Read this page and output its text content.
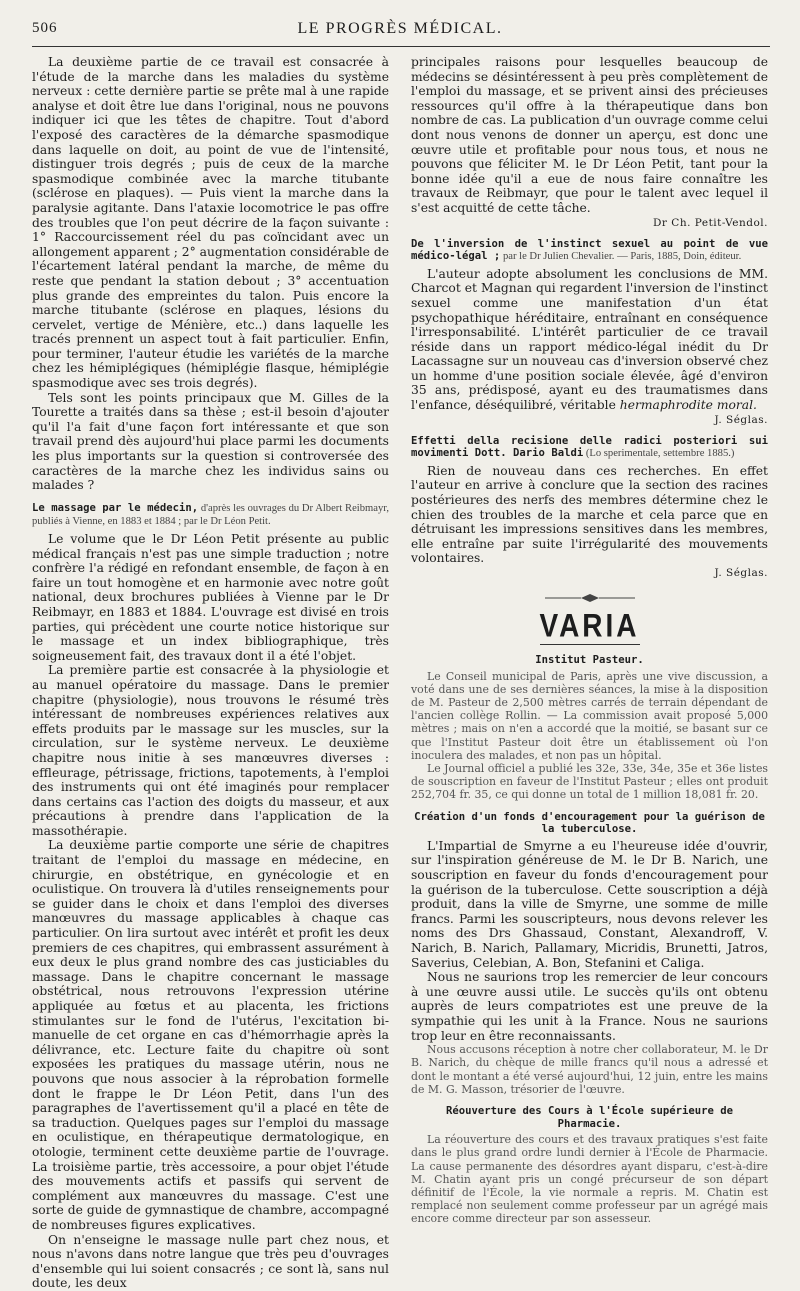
506	LE PROGRÈS MÉDICAL.

La deuxième partie de ce travail est consacrée à l'étude de la marche dans les maladies du système nerveux : cette dernière partie se prête mal à une rapide analyse et doit être lue dans l'original, nous ne pouvons indiquer ici que les têtes de chapitre. Tout d'abord l'exposé des caractères de la démarche spasmodique dans laquelle on doit, au point de vue de l'intensité, distinguer trois degrés ; puis de ceux de la marche spasmodique combinée avec la marche titubante (sclérose en plaques). — Puis vient la marche dans la paralysie agitante. Dans l'ataxie locomotrice le pas offre des troubles que l'on peut décrire de la façon suivante : 1° Raccourcissement réel du pas coïncidant avec un allongement apparent ; 2° augmentation considérable de l'écartement latéral pendant la marche, de même du reste que pendant la station debout ; 3° accentuation plus grande des empreintes du talon. Puis encore la marche titubante (sclérose en plaques, lésions du cervelet, vertige de Ménière, etc..) dans laquelle les tracés prennent un aspect tout à fait particulier. Enfin, pour terminer, l'auteur étudie les variétés de la marche chez les hémiplégiques (hémiplégie flasque, hémiplégie spasmodique avec ses trois degrés).

Tels sont les points principaux que M. Gilles de la Tourette a traités dans sa thèse ; est-il besoin d'ajouter qu'il l'a fait d'une façon fort intéressante et que son travail prend dès aujourd'hui place parmi les documents les plus importants sur la question si controversée des caractères de la marche chez les individus sains ou malades ?

Le massage par le médecin, d'après les ouvrages du Dr Albert Reibmayr, publiés à Vienne, en 1883 et 1884 ; par le Dr Léon Petit.

Le volume que le Dr Léon Petit présente au public médical français n'est pas une simple traduction ; notre confrère l'a rédigé en refondant ensemble, de façon à en faire un tout homogène et en harmonie avec notre goût national, deux brochures publiées à Vienne par le Dr Reibmayr, en 1883 et 1884. L'ouvrage est divisé en trois parties, qui précèdent une courte notice historique sur le massage et un index bibliographique, très soigneusement fait, des travaux dont il a été l'objet.

La première partie est consacrée à la physiologie et au manuel opératoire du massage. Dans le premier chapitre (physiologie), nous trouvons le résumé très intéressant de nombreuses expériences relatives aux effets produits par le massage sur les muscles, sur la circulation, sur le système nerveux. Le deuxième chapitre nous initie à ses manœuvres diverses : effleurage, pétrissage, frictions, tapotements, à l'emploi des instruments qui ont été imaginés pour remplacer dans certains cas l'action des doigts du masseur, et aux précautions à prendre dans l'application de la massothérapie.

La deuxième partie comporte une série de chapitres traitant de l'emploi du massage en médecine, en chirurgie, en obstétrique, en gynécologie et en oculistique. On trouvera là d'utiles renseignements pour se guider dans le choix et dans l'emploi des diverses manœuvres du massage applicables à chaque cas particulier. On lira surtout avec intérêt et profit les deux premiers de ces chapitres, qui embrassent assurément à eux deux le plus grand nombre des cas justiciables du massage. Dans le chapitre concernant le massage obstétrical, nous retrouvons l'expression utérine appliquée au fœtus et au placenta, les frictions stimulantes sur le fond de l'utérus, l'excitation bi-manuelle de cet organe en cas d'hémorrhagie après la délivrance, etc. Lecture faite du chapitre où sont exposées les pratiques du massage utérin, nous ne pouvons que nous associer à la réprobation formelle dont le frappe le Dr Léon Petit, dans l'un des paragraphes de l'avertissement qu'il a placé en tête de sa traduction. Quelques pages sur l'emploi du massage en oculistique, en thérapeutique dermatologique, en otologie, terminent cette deuxième partie de l'ouvrage. La troisième partie, très accessoire, a pour objet l'étude des mouvements actifs et passifs qui servent de complément aux manœuvres du massage. C'est une sorte de guide de gymnastique de chambre, accompagné de nombreuses figures explicatives.

On n'enseigne le massage nulle part chez nous, et nous n'avons dans notre langue que très peu d'ouvrages d'ensemble qui lui soient consacrés ; ce sont là, sans nul doute, les deux

principales raisons pour lesquelles beaucoup de médecins se désintéressent à peu près complètement de l'emploi du massage, et se privent ainsi des précieuses ressources qu'il offre à la thérapeutique dans bon nombre de cas. La publication d'un ouvrage comme celui dont nous venons de donner un aperçu, est donc une œuvre utile et profitable pour nous tous, et nous ne pouvons que féliciter M. le Dr Léon Petit, tant pour la bonne idée qu'il a eue de nous faire connaître les travaux de Reibmayr, que pour le talent avec lequel il s'est acquitté de cette tâche.

Dr Ch. Petit-Vendol.
De l'inversion de l'instinct sexuel au point de vue médico-légal ; par le Dr Julien Chevalier. — Paris, 1885, Doin, éditeur.

L'auteur adopte absolument les conclusions de MM. Charcot et Magnan qui regardent l'inversion de l'instinct sexuel comme une manifestation d'un état psychopathique héréditaire, entraînant en conséquence l'irresponsabilité. L'intérêt particulier de ce travail réside dans un rapport médico-légal inédit du Dr Lacassagne sur un nouveau cas d'inversion observé chez un homme d'une position sociale élevée, âgé d'environ 35 ans, prédisposé, ayant eu des traumatismes dans l'enfance, déséquilibré, véritable hermaphrodite moral.

J. Séglas.
Effetti della recisione delle radici posteriori sui movimenti Dott. Dario Baldi (Lo sperimentale, settembre 1885.)

Rien de nouveau dans ces recherches. En effet l'auteur en arrive à conclure que la section des racines postérieures des nerfs des membres détermine chez le chien des troubles de la marche et cela parce que en détruisant les impressions sensitives dans les membres, elle entraîne par suite l'irrégularité des mouvements volontaires.

J. Séglas.
VARIA
Institut Pasteur.

Le Conseil municipal de Paris, après une vive discussion, a voté dans une de ses dernières séances, la mise à la disposition de M. Pasteur de 2,500 mètres carrés de terrain dépendant de l'ancien collège Rollin. — La commission avait proposé 5,000 mètres ; mais on n'en a accordé que la moitié, se basant sur ce que l'Institut Pasteur doit être un établissement où l'on inoculera des malades, et non pas un hôpital.

Le Journal officiel a publié les 32e, 33e, 34e, 35e et 36e listes de souscription en faveur de l'Institut Pasteur ; elles ont produit 252,704 fr. 35, ce qui donne un total de 1 million 18,081 fr. 20.

Création d'un fonds d'encouragement pour la guérison de la tuberculose.

L'Impartial de Smyrne a eu l'heureuse idée d'ouvrir, sur l'inspiration généreuse de M. le Dr B. Narich, une souscription en faveur du fonds d'encouragement pour la guérison de la tuberculose. Cette souscription a déjà produit, dans la ville de Smyrne, une somme de mille francs. Parmi les souscripteurs, nous devons relever les noms des Drs Ghassaud, Constant, Alexandroff, V. Narich, B. Narich, Pallamary, Micridis, Brunetti, Jatros, Saverius, Celebian, A. Bon, Stefanini et Caliga.

Nous ne saurions trop les remercier de leur concours à une œuvre aussi utile. Le succès qu'ils ont obtenu auprès de leurs compatriotes est une preuve de la sympathie qui les unit à la France. Nous ne saurions trop leur en être reconnaissants.

Nous accusons réception à notre cher collaborateur, M. le Dr B. Narich, du chèque de mille francs qu'il nous a adressé et dont le montant a été versé aujourd'hui, 12 juin, entre les mains de M. G. Masson, trésorier de l'œuvre.

Réouverture des Cours à l'École supérieure de Pharmacie.

La réouverture des cours et des travaux pratiques s'est faite dans le plus grand ordre lundi dernier à l'École de Pharmacie. La cause permanente des désordres ayant disparu, c'est-à-dire M. Chatin ayant pris un congé précurseur de son départ définitif de l'École, la vie normale a repris. M. Chatin est remplacé non seulement comme professeur par un agrégé mais encore comme directeur par son assesseur.
